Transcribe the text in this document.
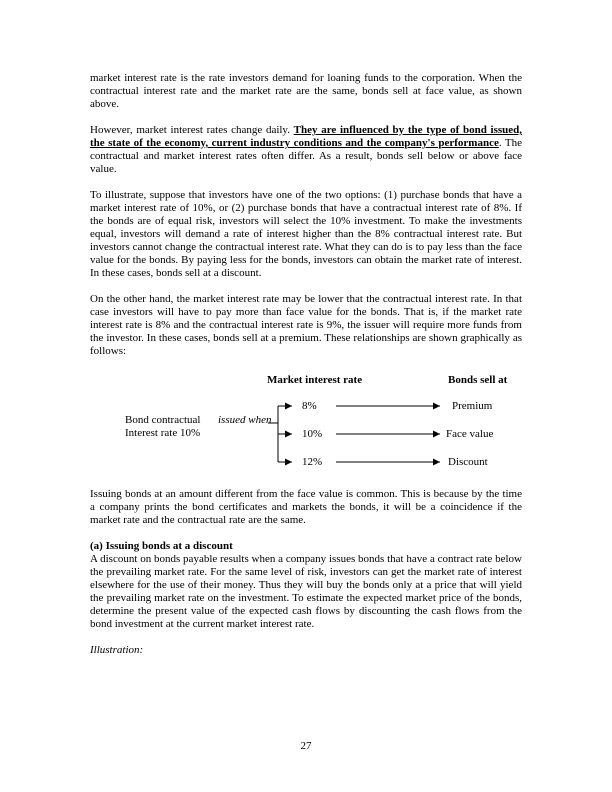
market interest rate is the rate investors demand for loaning funds to the corporation. When the contractual interest rate and the market rate are the same, bonds sell at face value, as shown above.

However, market interest rates change daily. They are influenced by the type of bond issued, the state of the economy, current industry conditions and the company's performance. The contractual and market interest rates often differ. As a result, bonds sell below or above face value.

To illustrate, suppose that investors have one of the two options: (1) purchase bonds that have a market interest rate of 10%, or (2) purchase bonds that have a contractual interest rate of 8%. If the bonds are of equal risk, investors will select the 10% investment. To make the investments equal, investors will demand a rate of interest higher than the 8% contractual interest rate. But investors cannot change the contractual interest rate. What they can do is to pay less than the face value for the bonds. By paying less for the bonds, investors can obtain the market rate of interest. In these cases, bonds sell at a discount.

On the other hand, the market interest rate may be lower that the contractual interest rate. In that case investors will have to pay more than face value for the bonds. That is, if the market rate interest rate is 8% and the contractual interest rate is 9%, the issuer will require more funds from the investor. In these cases, bonds sell at a premium. These relationships are shown graphically as follows:

Market interest rate	Bonds sell at
Bond contractual
Interest rate 10%
issued when
8%
10%
12%
Premium
Face value
Discount

Issuing bonds at an amount different from the face value is common. This is because by the time a company prints the bond certificates and markets the bonds, it will be a coincidence if the market rate and the contractual rate are the same.

(a) Issuing bonds at a discount

A discount on bonds payable results when a company issues bonds that have a contract rate below the prevailing market rate. For the same level of risk, investors can get the market rate of interest elsewhere for the use of their money. Thus they will buy the bonds only at a price that will yield the prevailing market rate on the investment. To estimate the expected market price of the bonds, determine the present value of the expected cash flows by discounting the cash flows from the bond investment at the current market interest rate.

Illustration:

27
